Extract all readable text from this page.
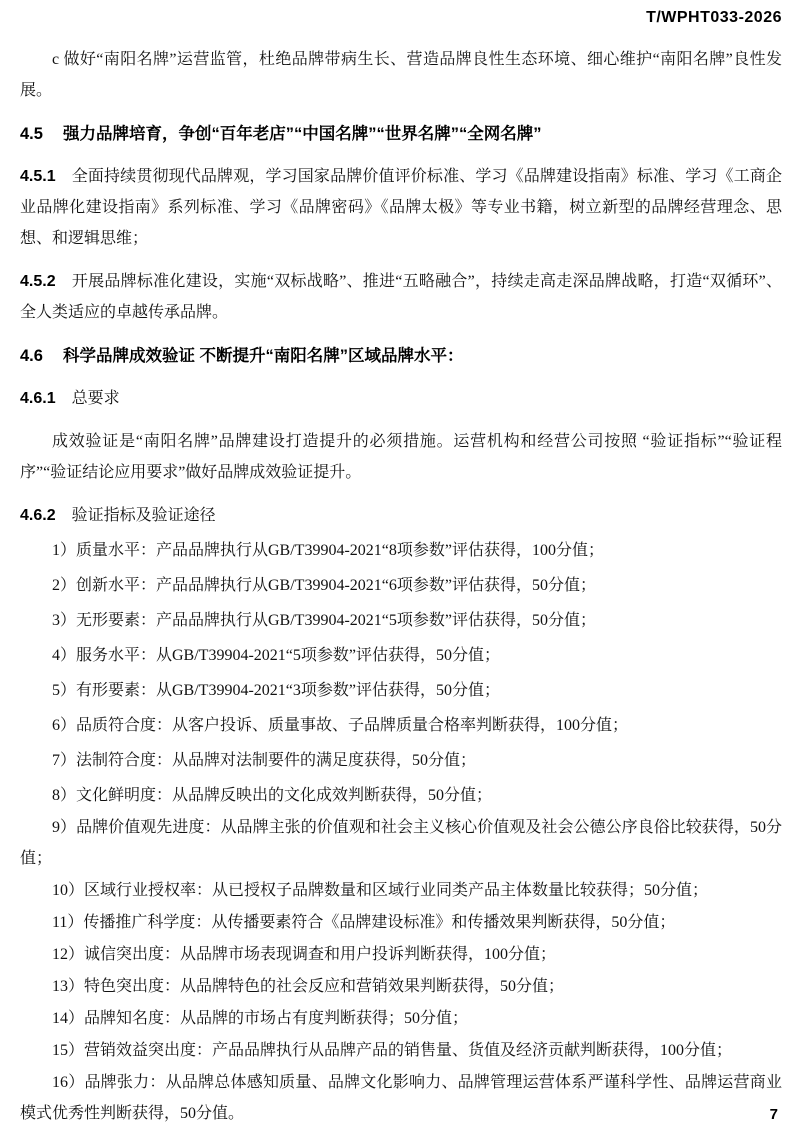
T/WPHT033-2026

c 做好“南阳名牌”运营监管，杜绝品牌带病生长、营造品牌良性生态环境、细心维护“南阳名牌”良性发展。

4.5 强力品牌培育，争创“百年老店”“中国名牌”“世界名牌”“全网名牌”

4.5.1 全面持续贯彻现代品牌观，学习国家品牌价值评价标准、学习《品牌建设指南》标准、学习《工商企业品牌化建设指南》系列标准、学习《品牌密码》《品牌太极》等专业书籍，树立新型的品牌经营理念、思想、和逻辑思维；

4.5.2 开展品牌标准化建设，实施“双标战略”、推进“五略融合”，持续走高走深品牌战略，打造“双循环”、全人类适应的卓越传承品牌。

4.6 科学品牌成效验证 不断提升“南阳名牌”区域品牌水平：

4.6.1 总要求

成效验证是“南阳名牌”品牌建设打造提升的必须措施。运营机构和经营公司按照 “验证指标”“验证程序”“验证结论应用要求”做好品牌成效验证提升。

4.6.2 验证指标及验证途径

1）质量水平：产品品牌执行从GB/T39904-2021“8项参数”评估获得，100分值；

2）创新水平：产品品牌执行从GB/T39904-2021“6项参数”评估获得，50分值；

3）无形要素：产品品牌执行从GB/T39904-2021“5项参数”评估获得，50分值；

4）服务水平：从GB/T39904-2021“5项参数”评估获得，50分值；

5）有形要素：从GB/T39904-2021“3项参数”评估获得，50分值；

6）品质符合度：从客户投诉、质量事故、子品牌质量合格率判断获得，100分值；

7）法制符合度：从品牌对法制要件的满足度获得，50分值；

8）文化鲜明度：从品牌反映出的文化成效判断获得，50分值；

9）品牌价值观先进度：从品牌主张的价值观和社会主义核心价值观及社会公德公序良俗比较获得，50分值；

10）区域行业授权率：从已授权子品牌数量和区域行业同类产品主体数量比较获得；50分值；

11）传播推广科学度：从传播要素符合《品牌建设标准》和传播效果判断获得，50分值；

12）诚信突出度：从品牌市场表现调查和用户投诉判断获得，100分值；

13）特色突出度：从品牌特色的社会反应和营销效果判断获得，50分值；

14）品牌知名度：从品牌的市场占有度判断获得；50分值；

15）营销效益突出度：产品品牌执行从品牌产品的销售量、货值及经济贡献判断获得，100分值；

16）品牌张力：从品牌总体感知质量、品牌文化影响力、品牌管理运营体系严谨科学性、品牌运营商业模式优秀性判断获得，50分值。	7
